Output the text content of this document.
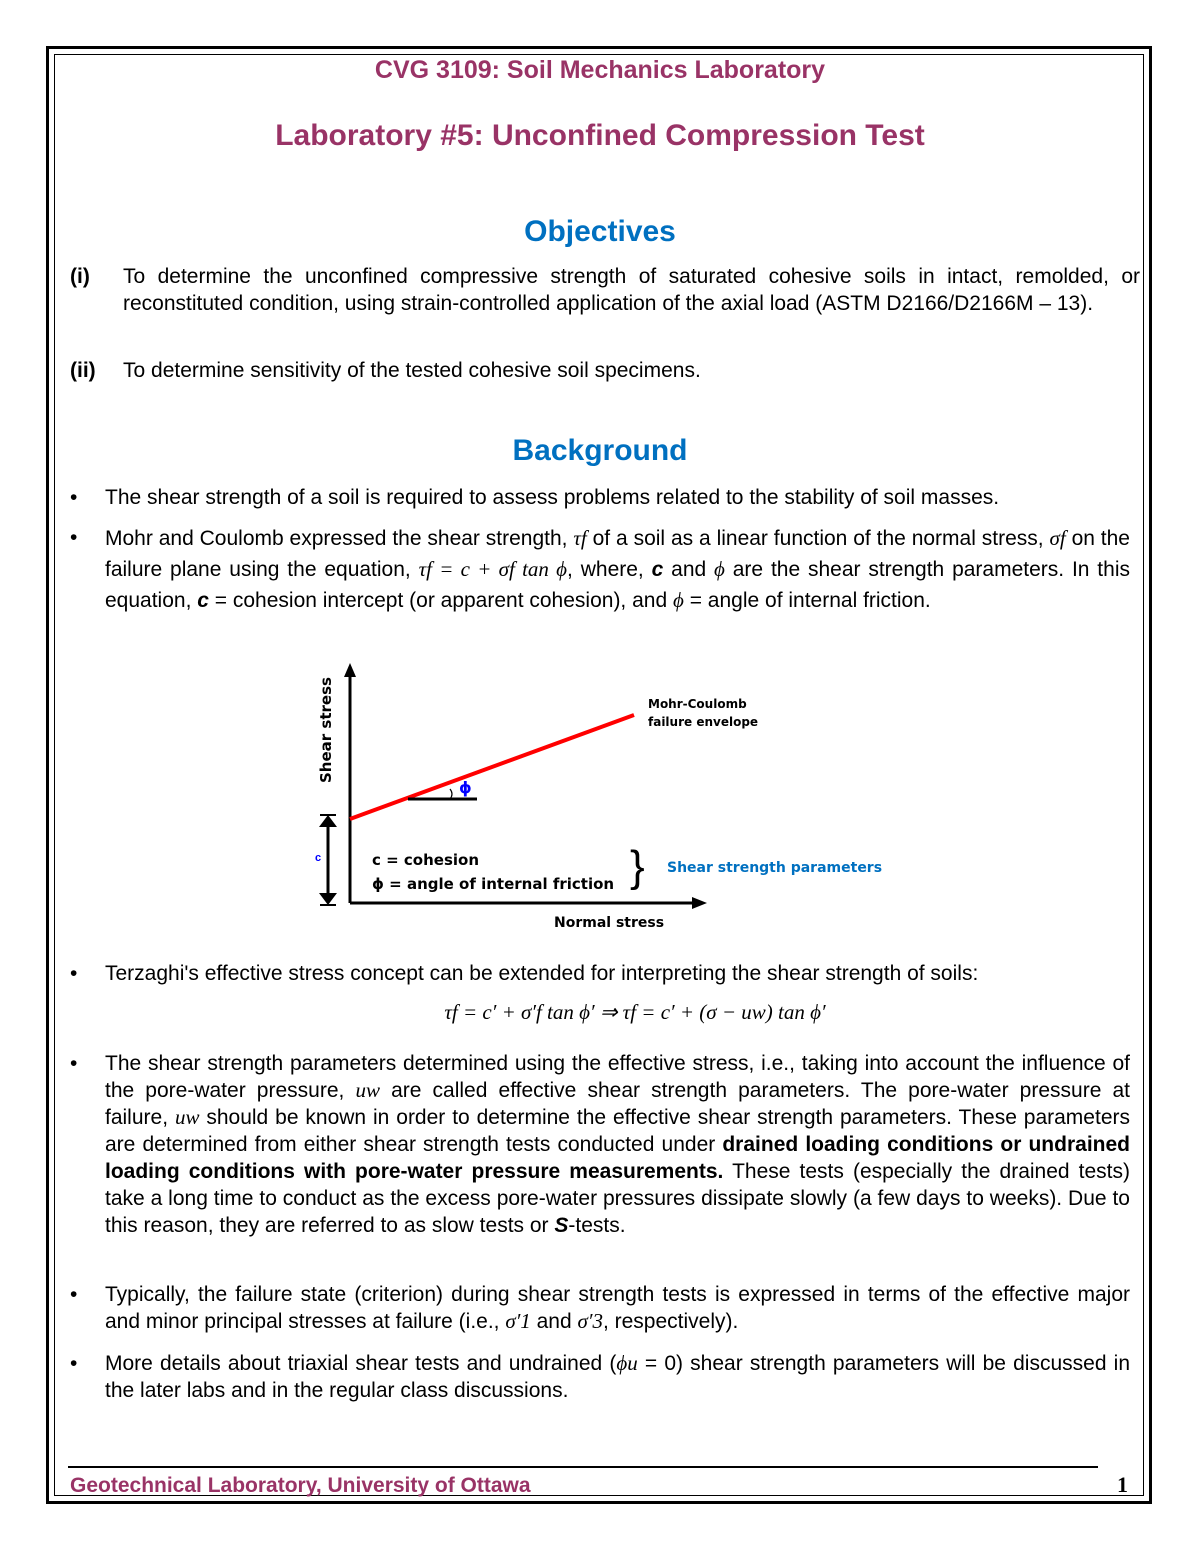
CVG 3109: Soil Mechanics Laboratory
Laboratory #5: Unconfined Compression Test
Objectives
(i) To determine the unconfined compressive strength of saturated cohesive soils in intact, remolded, or reconstituted condition, using strain-controlled application of the axial load (ASTM D2166/D2166M – 13).
(ii) To determine sensitivity of the tested cohesive soil specimens.
Background
• The shear strength of a soil is required to assess problems related to the stability of soil masses.
• Mohr and Coulomb expressed the shear strength, τf of a soil as a linear function of the normal stress, σf on the failure plane using the equation, τf = c + σf tan ϕ, where, c and ϕ are the shear strength parameters. In this equation, c = cohesion intercept (or apparent cohesion), and ϕ = angle of internal friction.
ϕ
c
Shear stress
Normal stress
Mohr-Coulomb
failure envelope
c = cohesion
ϕ = angle of internal friction } Shear strength parameters
• Terzaghi's effective stress concept can be extended for interpreting the shear strength of soils:
τf = c′ + σ′f tan ϕ′ ⇒ τf = c′ + (σ − uw) tan ϕ′
• The shear strength parameters determined using the effective stress, i.e., taking into account the influence of the pore-water pressure, uw are called effective shear strength parameters. The pore-water pressure at failure, uw should be known in order to determine the effective shear strength parameters. These parameters are determined from either shear strength tests conducted under drained loading conditions or undrained loading conditions with pore-water pressure measurements. These tests (especially the drained tests) take a long time to conduct as the excess pore-water pressures dissipate slowly (a few days to weeks). Due to this reason, they are referred to as slow tests or S-tests.
• Typically, the failure state (criterion) during shear strength tests is expressed in terms of the effective major and minor principal stresses at failure (i.e., σ′1 and σ′3, respectively).
• More details about triaxial shear tests and undrained (ϕu = 0) shear strength parameters will be discussed in the later labs and in the regular class discussions.
Geotechnical Laboratory, University of Ottawa	1
